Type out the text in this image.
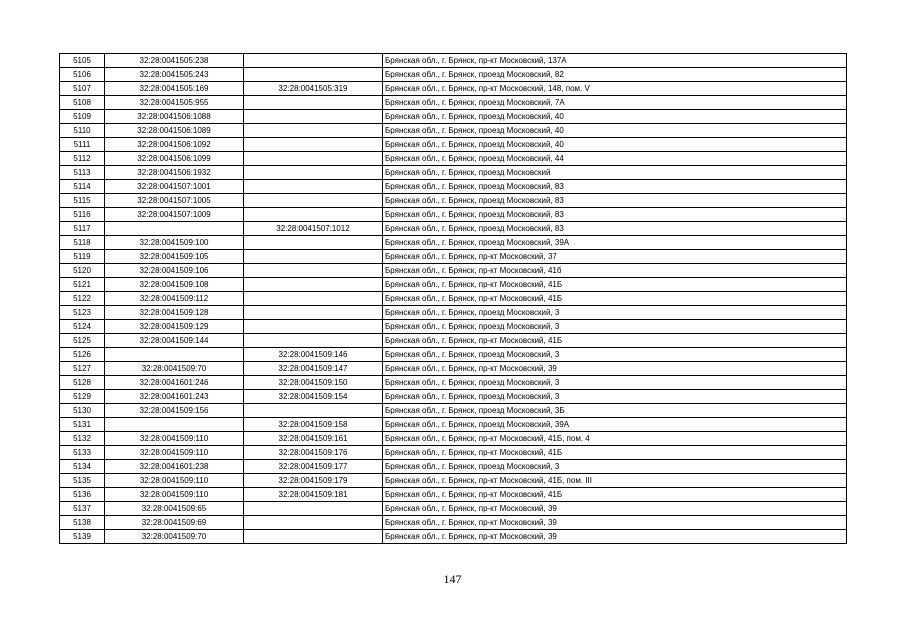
5105	32:28:0041505:238		Брянская обл., г. Брянск, пр-кт Московский, 137А
5106	32:28:0041505:243		Брянская обл., г. Брянск, проезд Московский, 82
5107	32:28:0041505:169	32:28:0041505:319	Брянская обл., г. Брянск, пр-кт Московский, 148, пом. V
5108	32:28:0041505:955		Брянская обл., г. Брянск, проезд Московский, 7А
5109	32:28:0041506:1088		Брянская обл., г. Брянск, проезд Московский, 40
5110	32:28:0041506:1089		Брянская обл., г. Брянск, проезд Московский, 40
5111	32:28:0041506:1092		Брянская обл., г. Брянск, проезд Московский, 40
5112	32:28:0041506:1099		Брянская обл., г. Брянск, проезд Московский, 44
5113	32:28:0041506:1932		Брянская обл., г. Брянск, проезд Московский
5114	32:28:0041507:1001		Брянская обл., г. Брянск, проезд Московский, 83
5115	32:28:0041507:1005		Брянская обл., г. Брянск, проезд Московский, 83
5116	32:28:0041507:1009		Брянская обл., г. Брянск, проезд Московский, 83
5117		32:28:0041507:1012	Брянская обл., г. Брянск, проезд Московский, 83
5118	32:28:0041509:100		Брянская обл., г. Брянск, проезд Московский, 39А
5119	32:28:0041509:105		Брянская обл., г. Брянск, пр-кт Московский, 37
5120	32:28:0041509:106		Брянская обл., г. Брянск, пр-кт Московский, 41б
5121	32:28:0041509:108		Брянская обл., г. Брянск, пр-кт Московский, 41Б
5122	32:28:0041509:112		Брянская обл., г. Брянск, пр-кт Московский, 41Б
5123	32:28:0041509:128		Брянская обл., г. Брянск, проезд Московский, 3
5124	32:28:0041509:129		Брянская обл., г. Брянск, проезд Московский, 3
5125	32:28:0041509:144		Брянская обл., г. Брянск, пр-кт Московский, 41Б
5126		32:28:0041509:146	Брянская обл., г. Брянск, проезд Московский, 3
5127	32:28:0041509:70	32:28:0041509:147	Брянская обл., г. Брянск, пр-кт Московский, 39
5128	32:28:0041601:246	32:28:0041509:150	Брянская обл., г. Брянск, проезд Московский, 3
5129	32:28:0041601:243	32:28:0041509:154	Брянская обл., г. Брянск, проезд Московский, 3
5130	32:28:0041509:156		Брянская обл., г. Брянск, проезд Московский, 3Б
5131		32:28:0041509:158	Брянская обл., г. Брянск, проезд Московский, 39А
5132	32:28:0041509:110	32:28:0041509:161	Брянская обл., г. Брянск, пр-кт Московский, 41Б, пом. 4
5133	32:28:0041509:110	32:28:0041509:176	Брянская обл., г. Брянск, пр-кт Московский, 41Б
5134	32:28:0041601:238	32:28:0041509:177	Брянская обл., г. Брянск, проезд Московский, 3
5135	32:28:0041509:110	32:28:0041509:179	Брянская обл., г. Брянск, пр-кт Московский, 41Б, пом. III
5136	32:28:0041509:110	32:28:0041509:181	Брянская обл., г. Брянск, пр-кт Московский, 41Б
5137	32:28:0041509:65		Брянская обл., г. Брянск, пр-кт Московский, 39
5138	32:28:0041509:69		Брянская обл., г. Брянск, пр-кт Московский, 39
5139	32:28:0041509:70		Брянская обл., г. Брянск, пр-кт Московский, 39
147
